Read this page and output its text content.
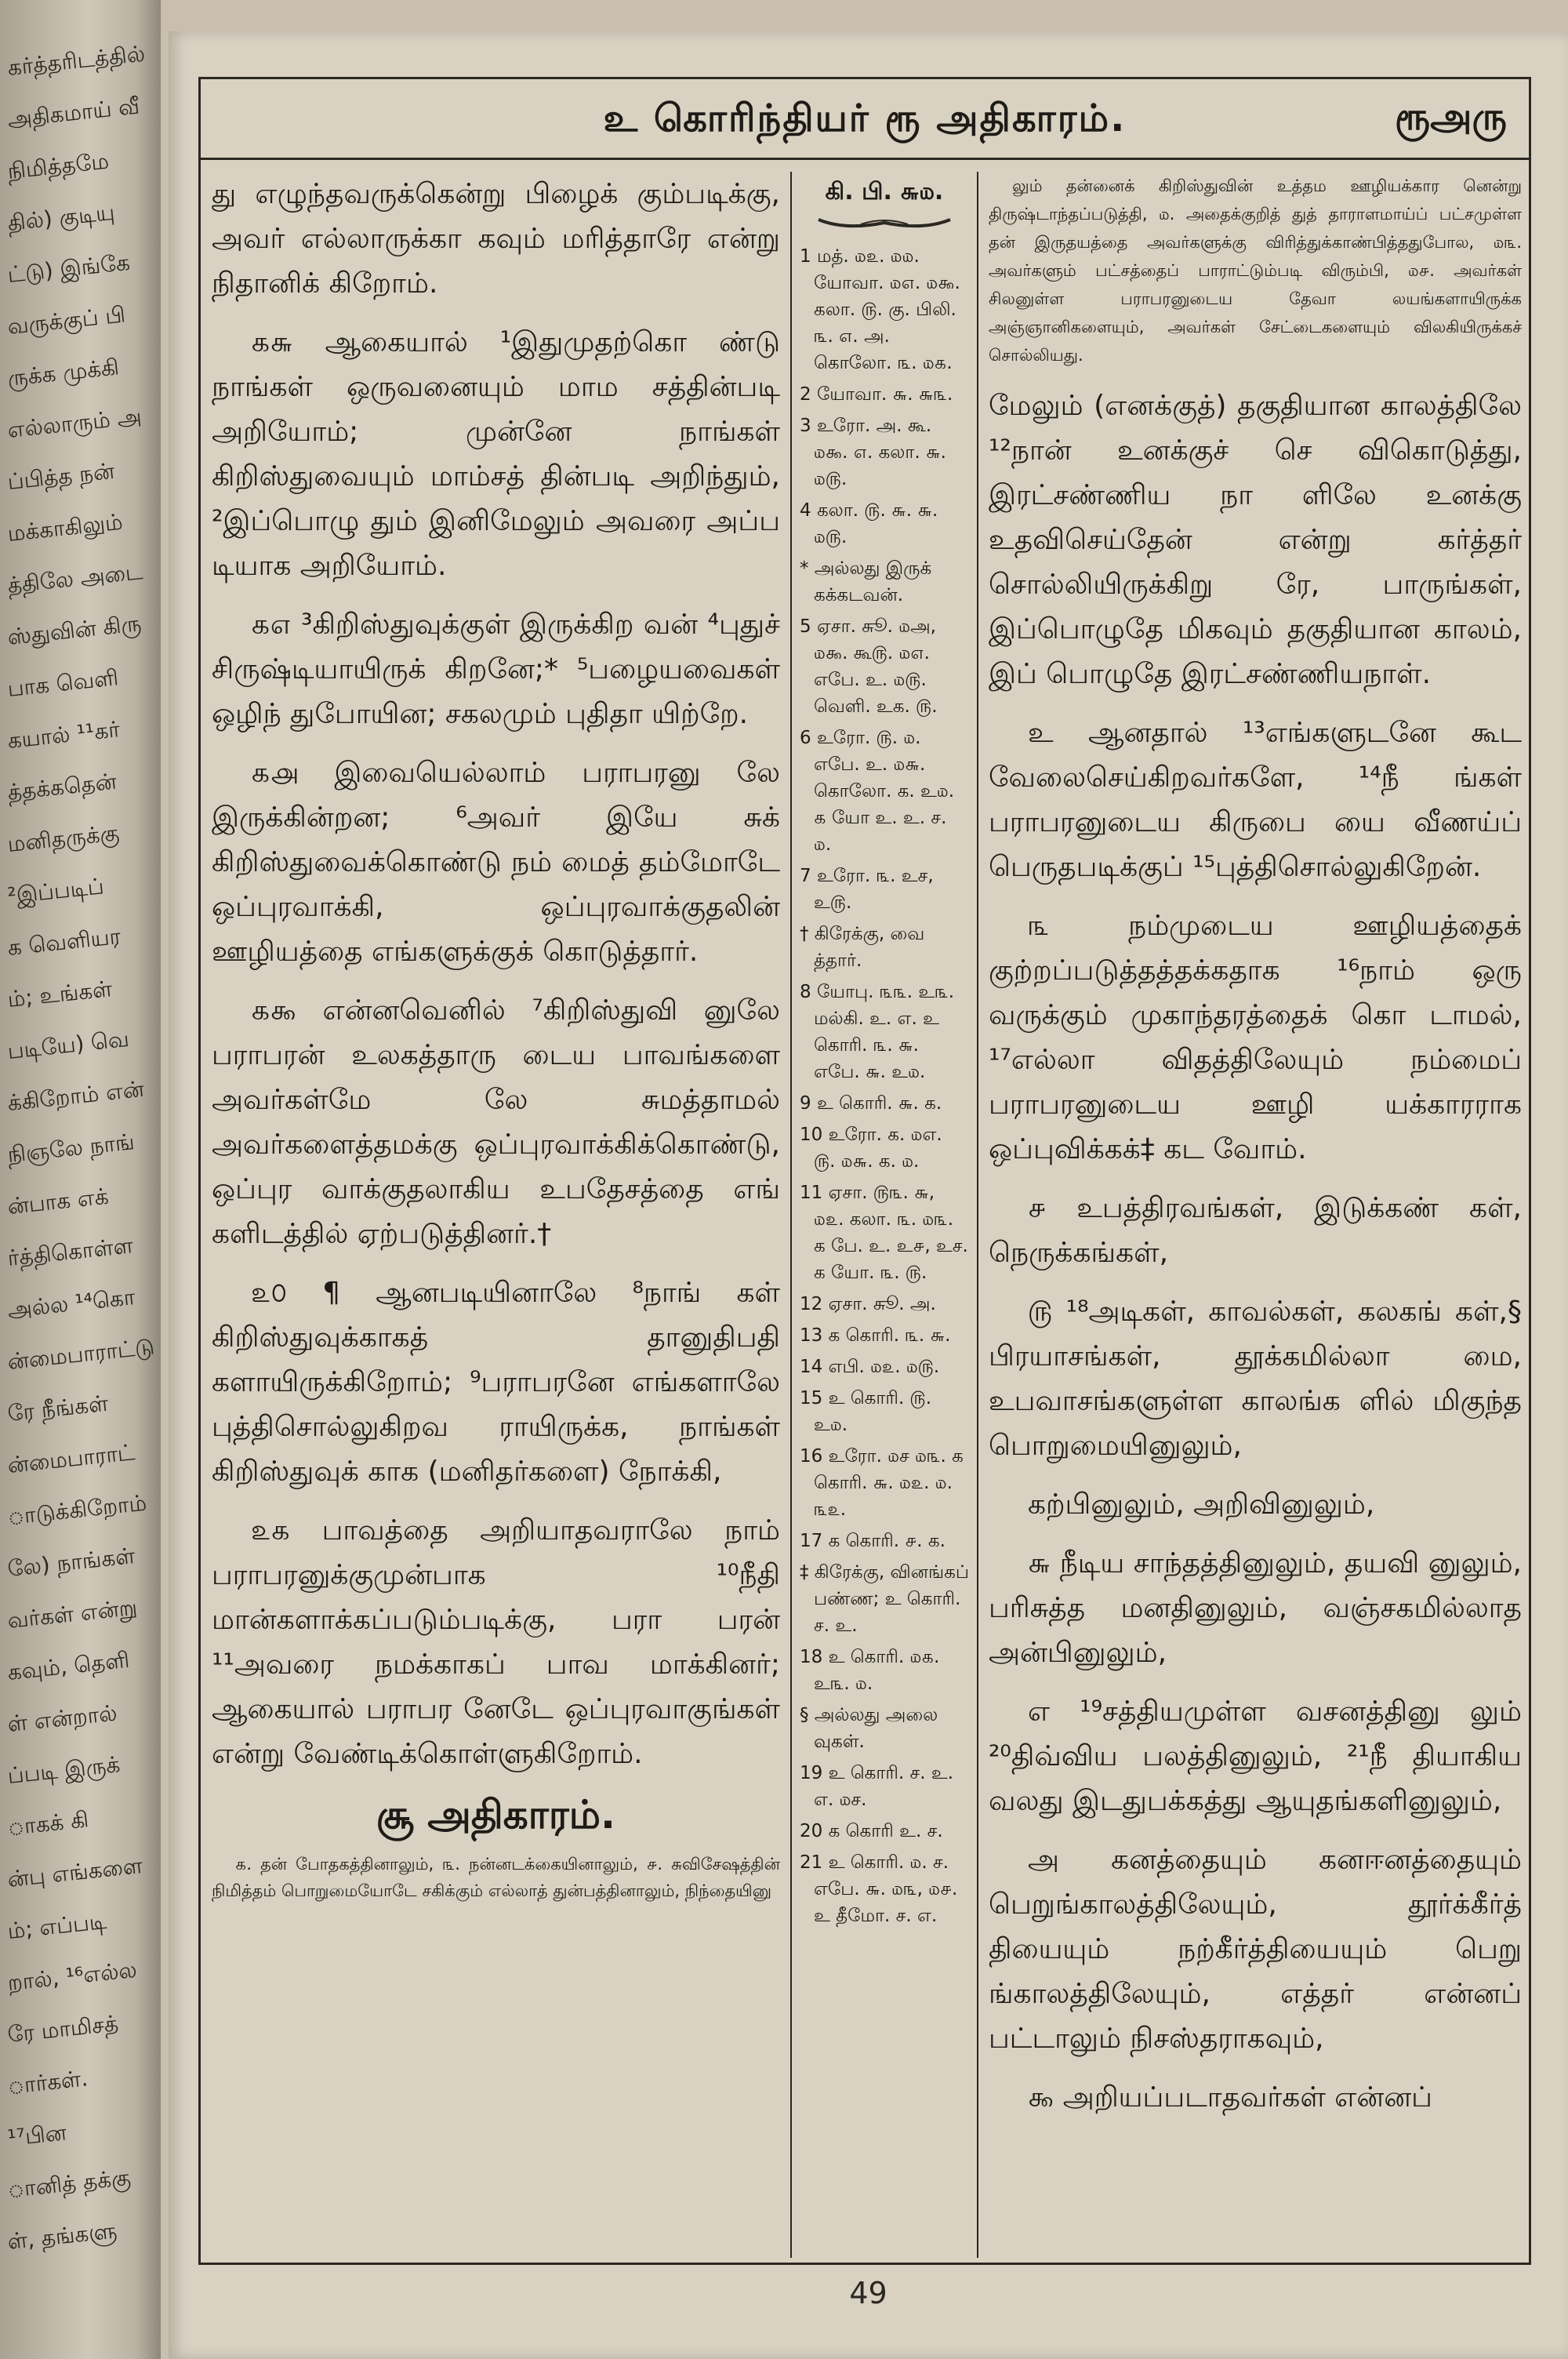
கர்த்தரிடத்தில்
அதிகமாய் வீ
நிமித்தமே
தில்) குடியு
ட்டு) இங்கே
வருக்குப் பி
ருக்க முக்கி
எல்லாரும் அ
ப்பித்த நன்
மக்காகிலும்
த்திலே அடை
ஸ்துவின் கிரு
பாக வெளி
கயால் ¹¹கர்
த்தக்கதென்
மனிதருக்கு
²இப்படிப்
க வெளியர
ம்; உங்கள்
படியே) வெ
க்கிறோம் என்
நிஞலே நாங்
ன்பாக எக்
ர்த்திகொள்ள
அல்ல ¹⁴கொ
ன்மைபாராட்டு
ரே நீங்கள்
ன்மைபாராட்
ாடுக்கிறோம்
லே) நாங்கள்
வர்கள் என்று
கவும், தெளி
ள் என்றால்
ப்படி இருக்
ாகக் கி
ன்பு எங்களை
ம்; எப்படி
றால், ¹⁶எல்ல
ரே மாமிசத்
ார்கள்.
¹⁷பின
ானித் தக்கு
ள், தங்களு
உ கொரிந்தியர் ரூ அதிகாரம்.	ரூஅரு

து எழுந்தவருக்கென்று பிழைக் கும்படிக்கு, அவர் எல்லாருக்கா கவும் மரித்தாரே என்று நிதானிக் கிறோம்.

௧௬ ஆகையால் ¹இதுமுதற்கொ ண்டு நாங்கள் ஒருவனையும் மாம சத்தின்படி அறியோம்; முன்னே நாங்கள் கிறிஸ்துவையும் மாம்சத் தின்படி அறிந்தும், ²இப்பொழு தும் இனிமேலும் அவரை அப்ப டியாக அறியோம்.

௧௭ ³கிறிஸ்துவுக்குள் இருக்கிற வன் ⁴புதுச் சிருஷ்டியாயிருக் கிறனே;* ⁵பழையவைகள் ஒழிந் துபோயின; சகலமும் புதிதா யிற்றே.

௧௮ இவையெல்லாம் பராபரனு லே இருக்கின்றன; ⁶அவர் இயே சுக் கிறிஸ்துவைக்கொண்டு நம் மைத் தம்மோடே ஒப்புரவாக்கி, ஒப்புரவாக்குதலின் ஊழியத்தை எங்களுக்குக் கொடுத்தார்.

௧௯ என்னவெனில் ⁷கிறிஸ்துவி னுலே பராபரன் உலகத்தாரு டைய பாவங்களை அவர்கள்மே லே சுமத்தாமல் அவர்களைத்தமக்கு ஒப்புரவாக்கிக்கொண்டு, ஒப்புர வாக்குதலாகிய உபதேசத்தை எங் களிடத்தில் ஏற்படுத்தினர்.†

௨௦ ¶ ஆனபடியினாலே ⁸நாங் கள் கிறிஸ்துவுக்காகத் தானுதிபதி களாயிருக்கிறோம்; ⁹பராபரனே எங்களாலே புத்திசொல்லுகிறவ ராயிருக்க, நாங்கள் கிறிஸ்துவுக் காக (மனிதர்களை) நோக்கி,

௨௧ பாவத்தை அறியாதவராலே நாம் பராபரனுக்குமுன்பாக ¹⁰நீதி மான்களாக்கப்படும்படிக்கு, பரா பரன் ¹¹அவரை நமக்காகப் பாவ மாக்கினர்; ஆகையால் பராபர னேடே ஒப்புரவாகுங்கள் என்று வேண்டிக்கொள்ளுகிறோம்.

சூ அதிகாரம்.
௧. தன் போதகத்தினாலும், ௩. நன்னடக்கையினாலும், ௪. சுவிசேஷத்தின் நிமித்தம் பொறுமையோடே சகிக்கும் எல்லாத் துன்பத்தினாலும், நிந்தையினு
கி. பி. ௬௰.
1 மத். ௰௨. ௰௰. யோவா. ௰௭. ௰௯. கலா. ௫. கு. பிலி. ௩. ௭. அ. கொலோ. ௩. ௰௧.
2 யோவா. ௬. ௬௩.
3 உரோ. அ. கூ. ௰௯. ௭. கலா. ௬. ௰௫.
4 கலா. ௫. ௬. ௬. ௰௫.
* அல்லது இருக் கக்கடவன்.
5 ஏசா. சுூ. ௰அ, ௰௯. கூ௫. ௰௭. எபே. உ. ௰௫. வெளி. உக. ௫.
6 உரோ. ௫. ௰. எபே. உ. ௰௬. கொலோ. க. உ௰. ௧ யோ உ. உ. ச. ௰.
7 உரோ. ௩. உச, உ௫.
† கிரேக்கு, வை த்தார்.
8 யோபு. ௩௩. உ௩. மல்கி. உ. எ. உ கொரி. ௩. ௬. எபே. ௬. உ௰.
9 உ கொரி. ௬. க.
10 உரோ. க. ௰எ. ௫. ௰௬. க. ௰.
11 ஏசா. ௫௩. ௬, ௰௨. கலா. ௩. ௰௩. க பே. உ. உ௪, உச. க யோ. ௩. ௫.
12 ஏசா. சுூ. அ.
13 க கொரி. ௩. ௬.
14 எபி. ௰௨. ௰௫.
15 உ கொரி. ௫. உ௰.
16 உரோ. ௰ச ௰௩. க கொரி. ௬. ௰௨. ௰. ௩௨.
17 க கொரி. ௪. க.
‡ கிரேக்கு, வினங்கப் பண்ண; உ கொரி. ச. உ.
18 உ கொரி. ௰௧. உ௩. ௰.
§ அல்லது அலை வுகள்.
19 உ கொரி. ச. உ. எ. ௰ச.
20 க கொரி உ. ச.
21 உ கொரி. ௰. ச. எபே. ௬. ௰௩, ௰௪. உ தீமோ. ச. எ.
லும் தன்னைக் கிறிஸ்துவின் உத்தம ஊழியக்கார னென்று திருஷ்டாந்தப்படுத்தி, ௰. அதைக்குறித் துத் தாராளமாய்ப் பட்சமுள்ள தன் இருதயத்தை அவர்களுக்கு விரித்துக்காண்பித்ததுபோல, ௰௩. அவர்களும் பட்சத்தைப் பாராட்டும்படி விரும்பி, ௰௪. அவர்கள் சிலனுள்ள பராபரனுடைய தேவா லயங்களாயிருக்க அஞ்ஞானிகளையும், அவர்கள் சேட்டைகளையும் விலகியிருக்கச் சொல்லியது.

மேலும் (எனக்குத்) தகுதியான காலத்திலே ¹²நான் உனக்குச் செ விகொடுத்து, இரட்சண்ணிய நா ளிலே உனக்கு உதவிசெய்தேன் என்று கர்த்தர் சொல்லியிருக்கிறு ரே, பாருங்கள், இப்பொழுதே மிகவும் தகுதியான காலம், இப் பொழுதே இரட்சண்ணியநாள்.

உ ஆனதால் ¹³எங்களுடனே கூட வேலைசெய்கிறவர்களே, ¹⁴நீ ங்கள் பராபரனுடைய கிருபை யை வீணய்ப் பெருதபடிக்குப் ¹⁵புத்திசொல்லுகிறேன்.

௩ நம்முடைய ஊழியத்தைக் குற்றப்படுத்தத்தக்கதாக ¹⁶நாம் ஒரு வருக்கும் முகாந்தரத்தைக் கொ டாமல், ¹⁷எல்லா விதத்திலேயும் நம்மைப் பராபரனுடைய ஊழி யக்காரராக ஒப்புவிக்கக்‡ கட வோம்.

௪ உபத்திரவங்கள், இடுக்கண் கள், நெருக்கங்கள்,

௫ ¹⁸அடிகள், காவல்கள், கலகங் கள்,§ பிரயாசங்கள், தூக்கமில்லா மை, உபவாசங்களுள்ள காலங்க ளில் மிகுந்த பொறுமையினுலும்,

கற்பினுலும், அறிவினுலும்,

௬ நீடிய சாந்தத்தினுலும், தயவி னுலும், பரிசுத்த மனதினுலும், வஞ்சகமில்லாத அன்பினுலும்,

எ ¹⁹சத்தியமுள்ள வசனத்தினு லும் ²⁰திவ்விய பலத்தினுலும், ²¹நீ தியாகிய வலது இடதுபக்கத்து ஆயுதங்களினுலும்,

அ கனத்தையும் கனஈனத்தையும் பெறுங்காலத்திலேயும், தூர்க்கீர்த் தியையும் நற்கீர்த்தியையும் பெறு ங்காலத்திலேயும், எத்தர் என்னப் பட்டாலும் நிசஸ்தராகவும்,

௯ அறியப்படாதவர்கள் என்னப்

49
